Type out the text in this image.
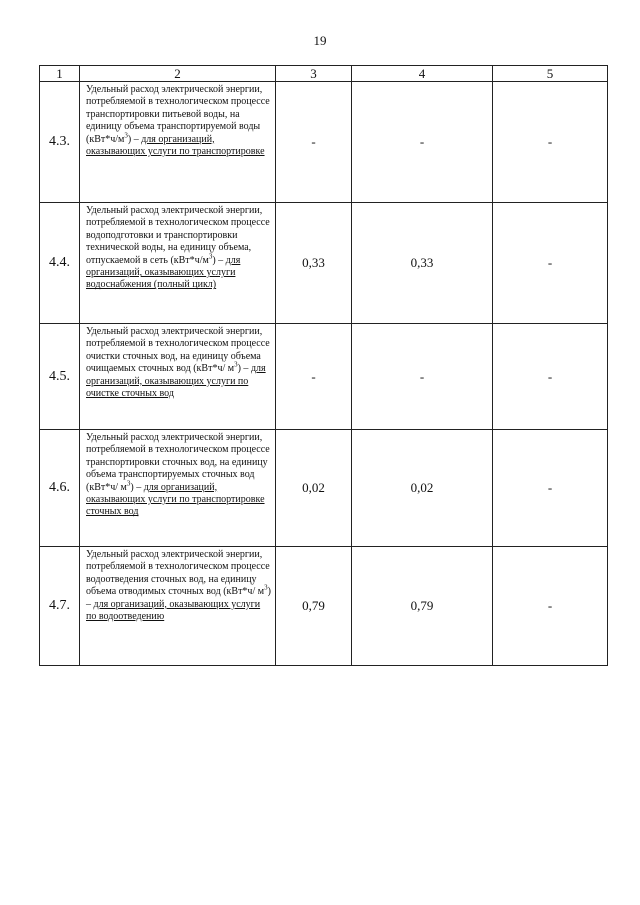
19
1	2	3	4	5
4.3.	Удельный расход электрической энергии, потребляемой в технологическом процессе транспортировки питьевой воды, на единицу объема транспортируемой воды $(кВт*ч/м^3)$ – для организаций, оказывающих услуги по транспортировке	-	-	-
4.4.	Удельный расход электрической энергии, потребляемой в технологическом процессе водоподготовки и транспортировки технической воды, на единицу объема, отпускаемой в сеть $(кВт*ч/м^3)$ – для организаций, оказывающих услуги водоснабжения (полный цикл)	0,33	0,33	-
4.5.	Удельный расход электрической энергии, потребляемой в технологическом процессе очистки сточных вод, на единицу объема очищаемых сточных вод (кВт*ч/ $м^3$) – для организаций, оказывающих услуги по очистке сточных вод	-	-	-
4.6.	Удельный расход электрической энергии, потребляемой в технологическом процессе транспортировки сточных вод, на единицу объема транспортируемых сточных вод (кВт*ч/ $м^3$) – для организаций, оказывающих услуги по транспортировке сточных вод	0,02	0,02	-
4.7.	Удельный расход электрической энергии, потребляемой в технологическом процессе водоотведения сточных вод, на единицу объема отводимых сточных вод (кВт*ч/ $м^3$) – для организаций, оказывающих услуги по водоотведению	0,79	0,79	-
